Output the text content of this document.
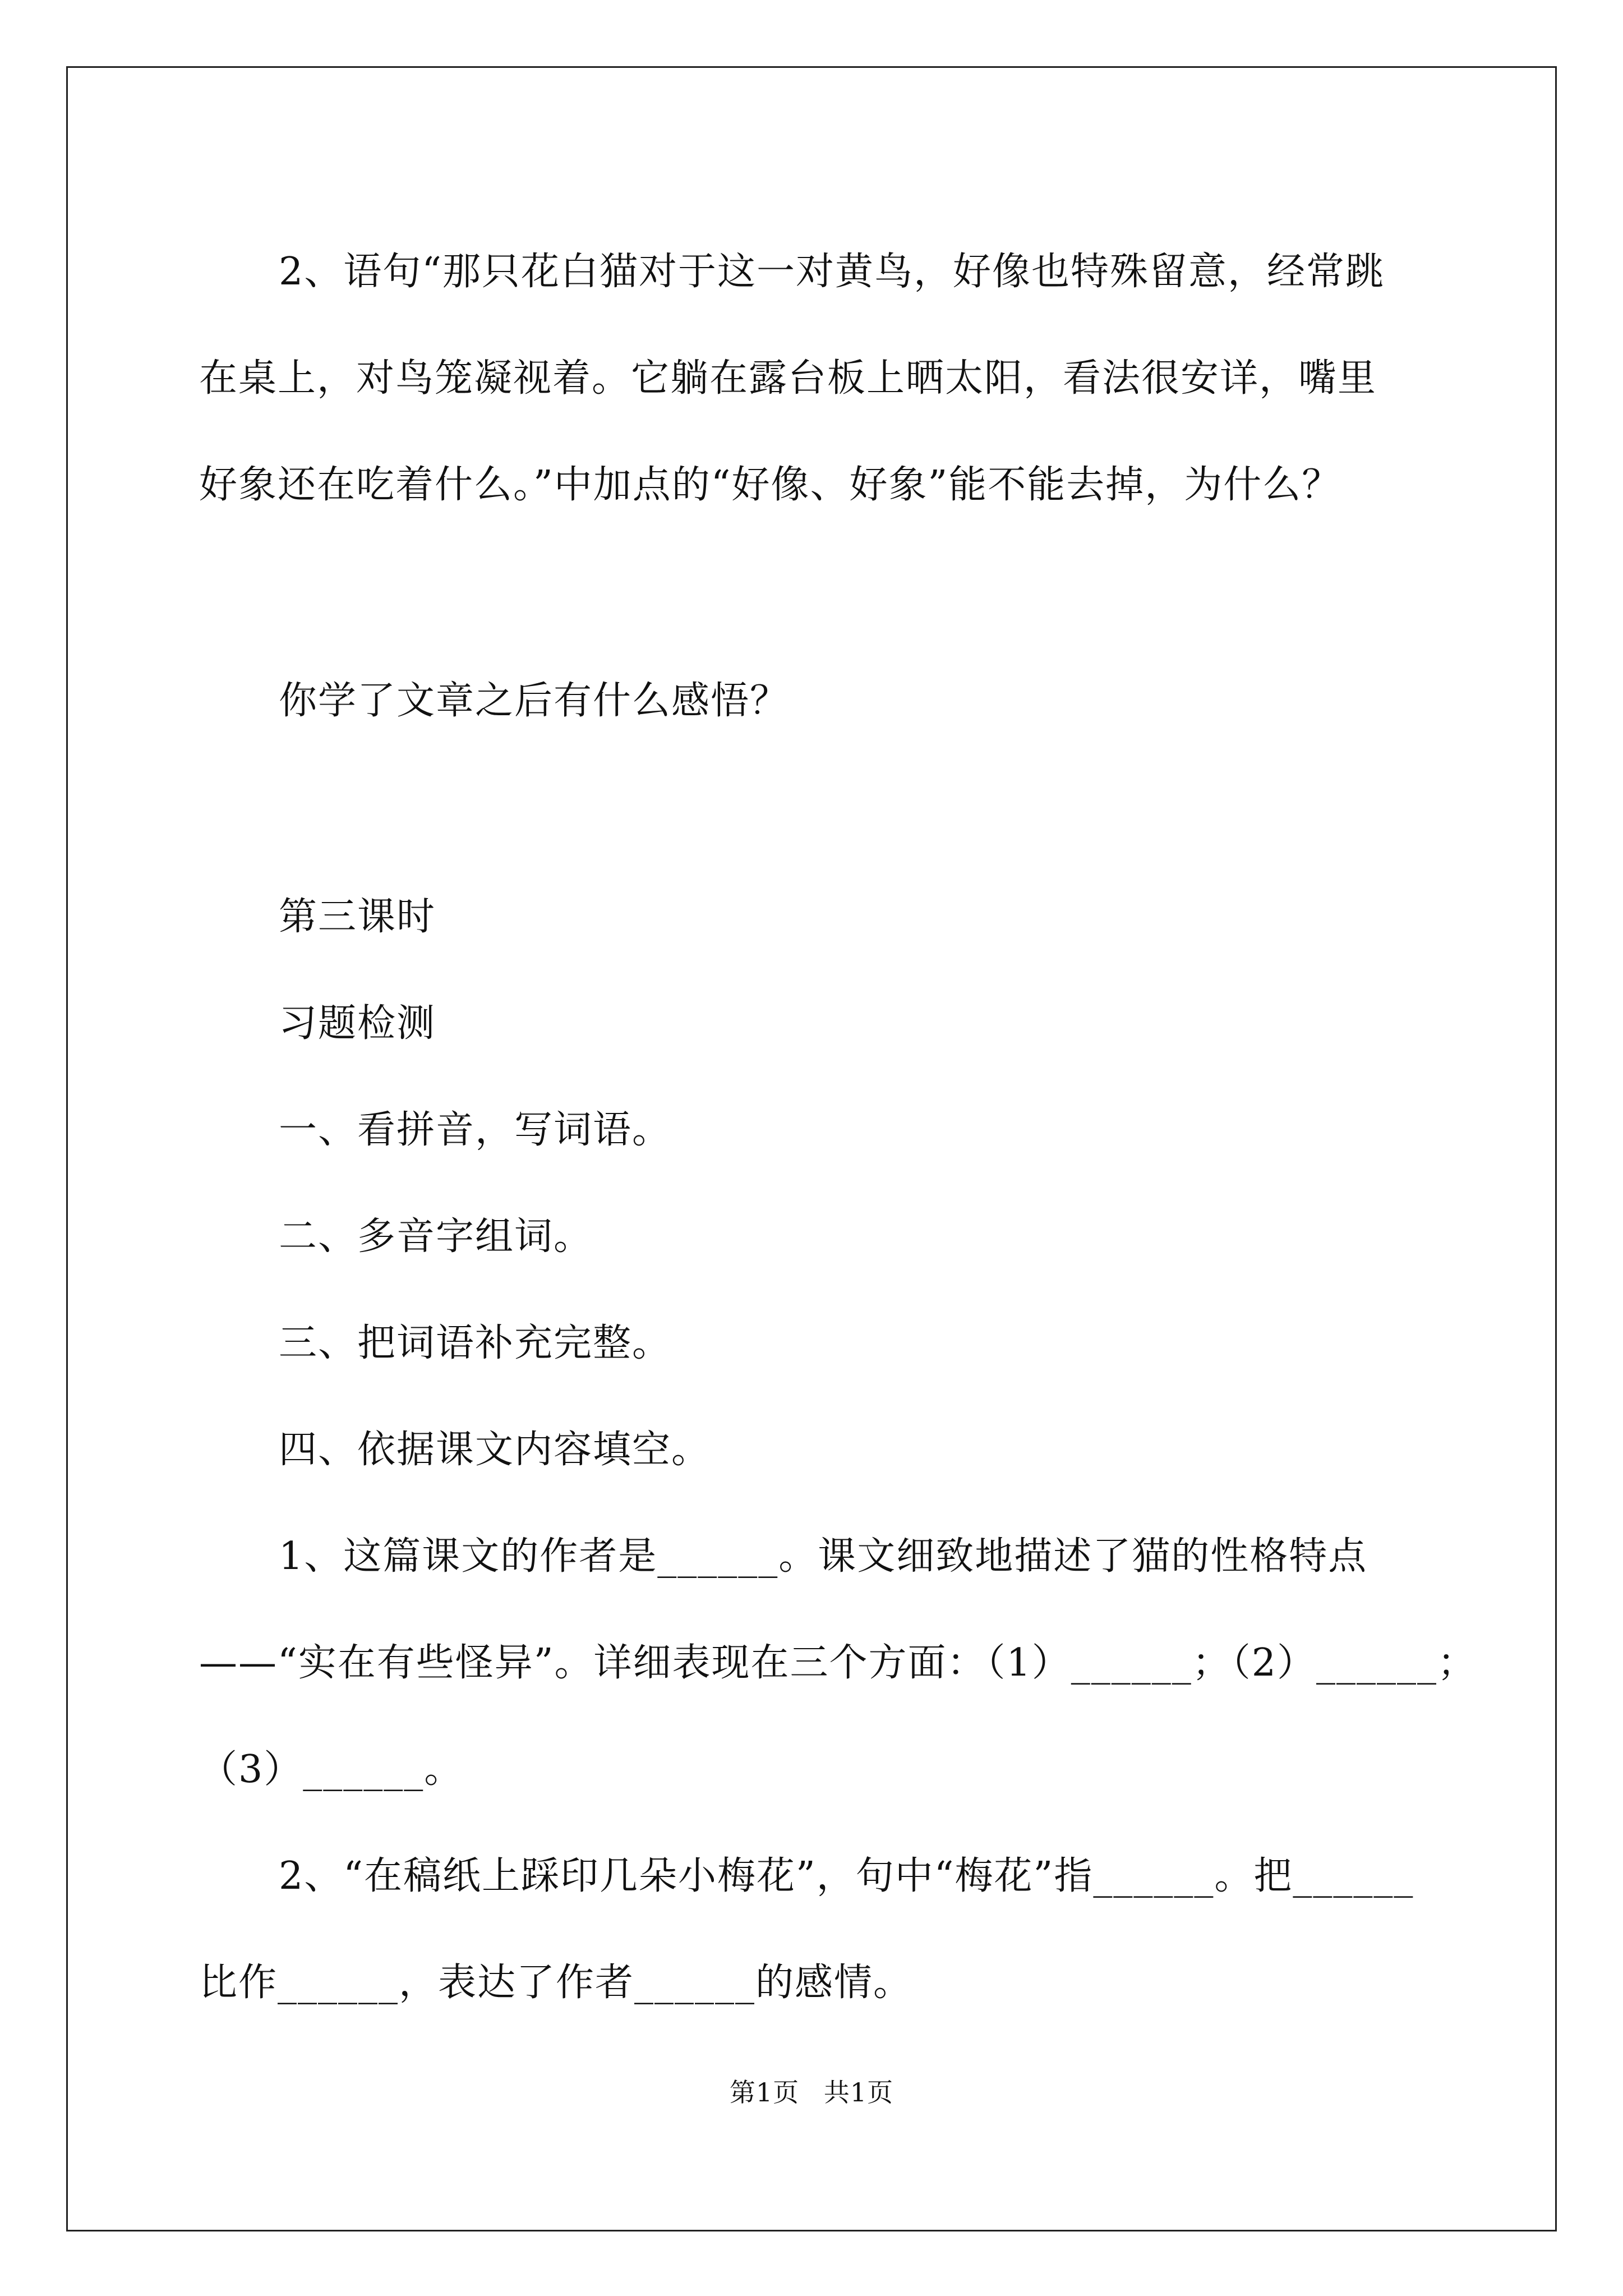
2、语句“那只花白猫对于这一对黄鸟，好像也特殊留意，经常跳
在桌上，对鸟笼凝视着。它躺在露台板上晒太阳，看法很安详，嘴里
好象还在吃着什么。”中加点的“好像、好象”能不能去掉，为什么？

你学了文章之后有什么感悟？

第三课时

习题检测

一、看拼音，写词语。

二、多音字组词。

三、把词语补充完整。

四、依据课文内容填空。

1、这篇课文的作者是______。课文细致地描述了猫的性格特点
——“实在有些怪异”。详细表现在三个方面：（1）______；（2）______；
（3）______。

2、“在稿纸上踩印几朵小梅花”，句中“梅花”指______。把______
比作______，表达了作者______的感情。

第1页 共1页
